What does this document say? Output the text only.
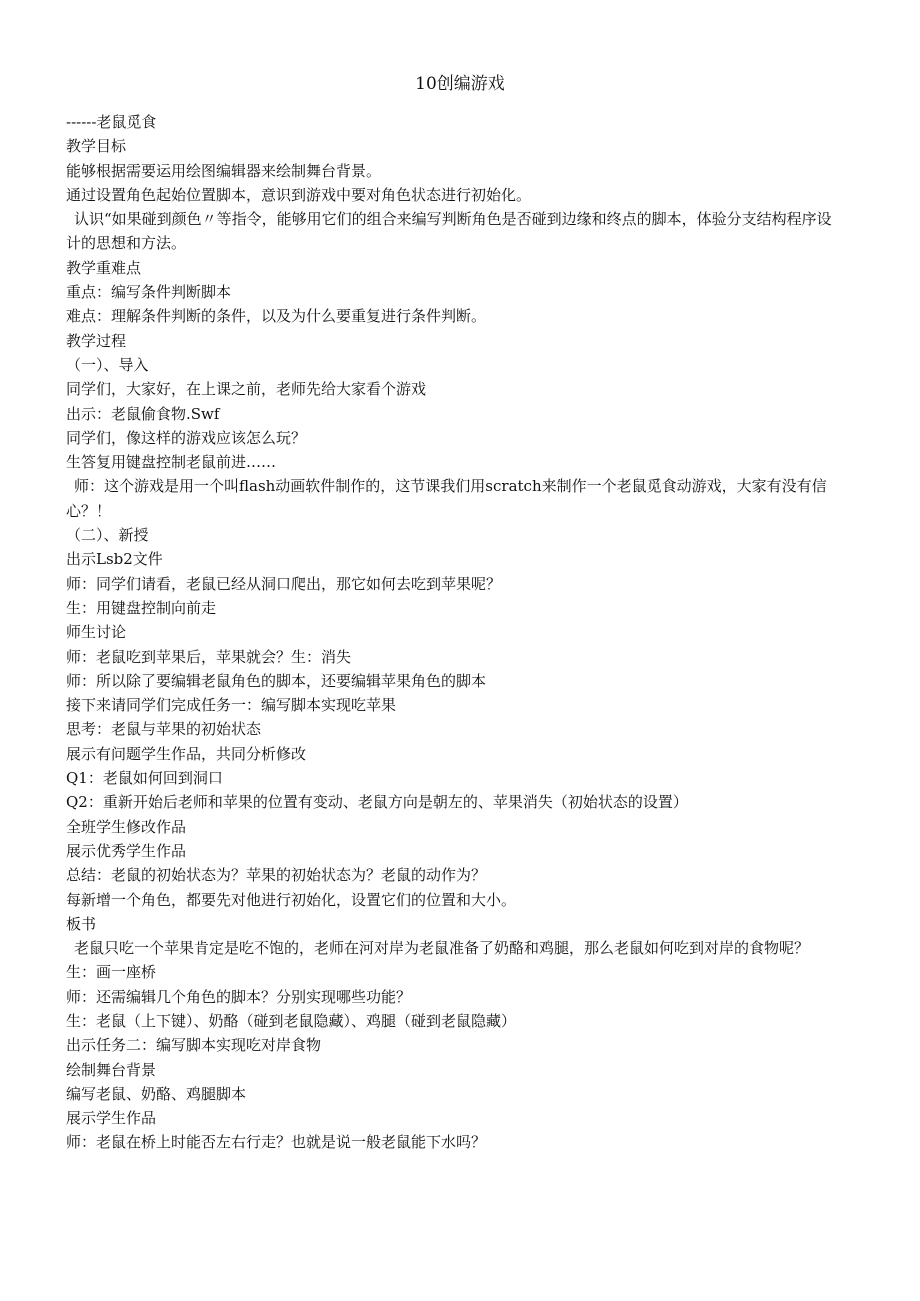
10创编游戏

------老鼠觅食

教学目标

能够根据需要运用绘图编辑器来绘制舞台背景。

通过设置角色起始位置脚本，意识到游戏中要对角色状态进行初始化。

认识“如果碰到颜色〃等指令，能够用它们的组合来编写判断角色是否碰到边缘和终点的脚本，体验分支结构程序设计的思想和方法。

教学重难点

重点：编写条件判断脚本

难点：理解条件判断的条件，以及为什么要重复进行条件判断。

教学过程

（一）、导入

同学们，大家好，在上课之前，老师先给大家看个游戏

出示：老鼠偷食物.Swf

同学们，像这样的游戏应该怎么玩？

生答复用键盘控制老鼠前进……

师：这个游戏是用一个叫flash动画软件制作的，这节课我们用scratch来制作一个老鼠觅食动游戏，大家有没有信心？！

（二）、新授

出示Lsb2文件

师：同学们请看，老鼠已经从洞口爬出，那它如何去吃到苹果呢？

生：用键盘控制向前走

师生讨论

师：老鼠吃到苹果后，苹果就会？生：消失

师：所以除了要编辑老鼠角色的脚本，还要编辑苹果角色的脚本

接下来请同学们完成任务一：编写脚本实现吃苹果

思考：老鼠与苹果的初始状态

展示有问题学生作品，共同分析修改

Q1：老鼠如何回到洞口

Q2：重新开始后老师和苹果的位置有变动、老鼠方向是朝左的、苹果消失（初始状态的设置）

全班学生修改作品

展示优秀学生作品

总结：老鼠的初始状态为？苹果的初始状态为？老鼠的动作为？

每新增一个角色，都要先对他进行初始化，设置它们的位置和大小。

板书

老鼠只吃一个苹果肯定是吃不饱的，老师在河对岸为老鼠准备了奶酪和鸡腿，那么老鼠如何吃到对岸的食物呢？

生：画一座桥

师：还需编辑几个角色的脚本？分别实现哪些功能？

生：老鼠（上下键）、奶酪（碰到老鼠隐藏）、鸡腿（碰到老鼠隐藏）

出示任务二：编写脚本实现吃对岸食物

绘制舞台背景

编写老鼠、奶酪、鸡腿脚本

展示学生作品

师：老鼠在桥上时能否左右行走？也就是说一般老鼠能下水吗？
